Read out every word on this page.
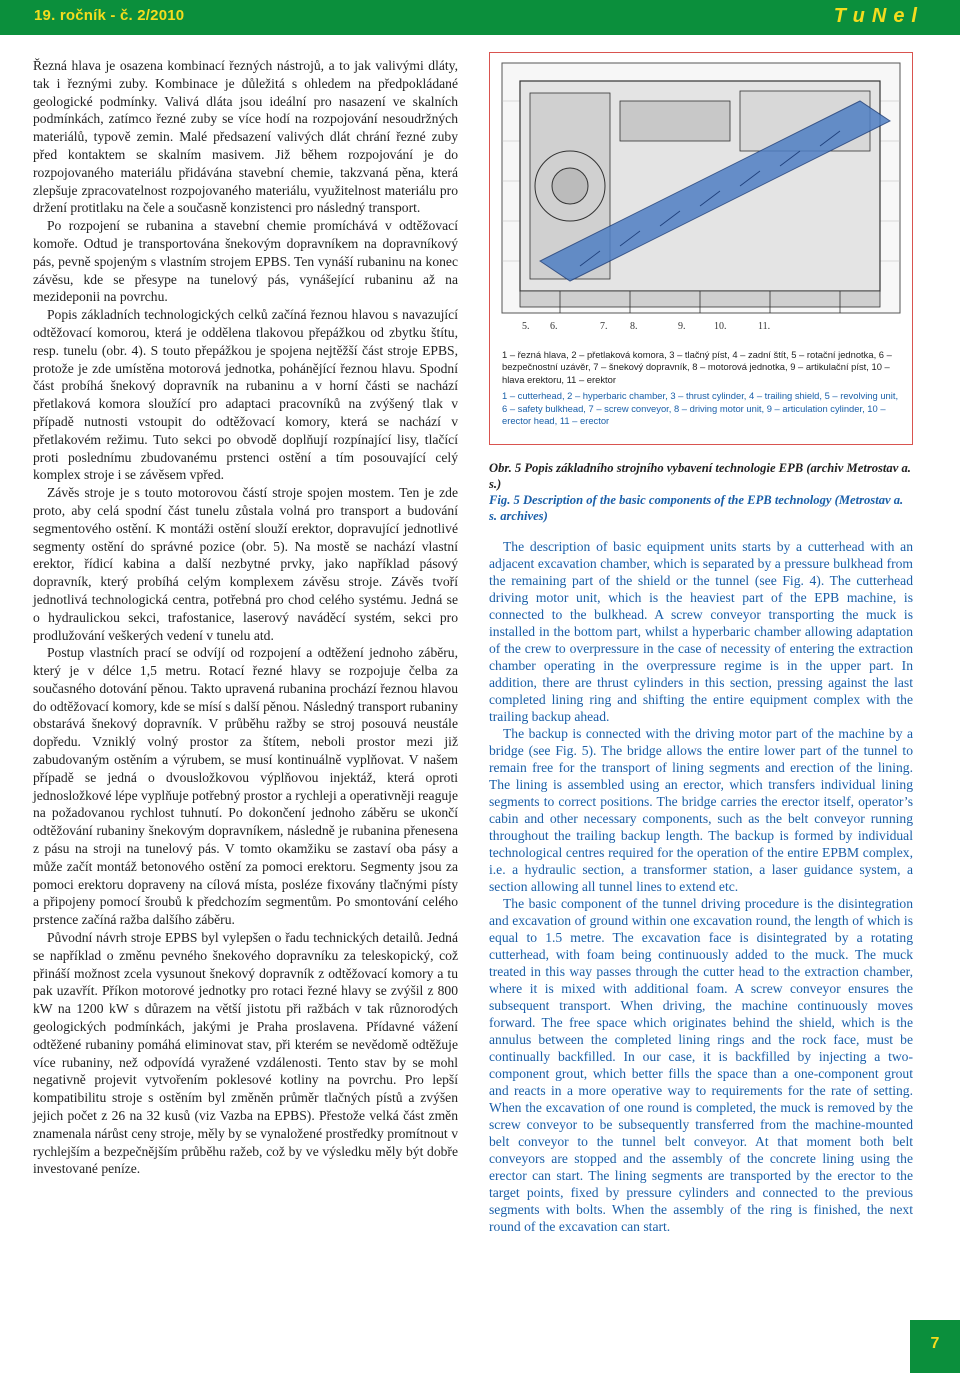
19. ročník - č. 2/2010	TuNel

Řezná hlava je osazena kombinací řezných nástrojů, a to jak valivými dláty, tak i řeznými zuby. Kombinace je důležitá s ohledem na předpokládané geologické podmínky. Valivá dláta jsou ideální pro nasazení ve skalních podmínkách, zatímco řezné zuby se více hodí na rozpojování nesoudržných materiálů, typově zemin. Malé předsazení valivých dlát chrání řezné zuby před kontaktem se skalním masivem. Již během rozpojování je do rozpojovaného materiálu přidávána stavební chemie, takzvaná pěna, která zlepšuje zpracovatelnost rozpojovaného materiálu, využitelnost materiálu pro držení protitlaku na čele a současně konzistenci pro následný transport.

Po rozpojení se rubanina a stavební chemie promíchává v odtěžovací komoře. Odtud je transportována šnekovým dopravníkem na dopravníkový pás, pevně spojeným s vlastním strojem EPBS. Ten vynáší rubaninu na konec závěsu, kde se přesype na tunelový pás, vynášející rubaninu až na mezideponii na povrchu.

Popis základních technologických celků začíná řeznou hlavou s navazující odtěžovací komorou, která je oddělena tlakovou přepážkou od zbytku štítu, resp. tunelu (obr. 4). S touto přepážkou je spojena nejtěžší část stroje EPBS, protože je zde umístěna motorová jednotka, pohánějící řeznou hlavu. Spodní část probíhá šnekový dopravník na rubaninu a v horní části se nachází přetlaková komora sloužící pro adaptaci pracovníků na zvýšený tlak v případě nutnosti vstoupit do odtěžovací komory, která se nachází v přetlakovém režimu. Tuto sekci po obvodě doplňují rozpínající lisy, tlačící proti poslednímu zbudovanému prstenci ostění a tím posouvající celý komplex stroje i se závěsem vpřed.

Závěs stroje je s touto motorovou částí stroje spojen mostem. Ten je zde proto, aby celá spodní část tunelu zůstala volná pro transport a budování segmentového ostění. K montáži ostění slouží erektor, dopravující jednotlivé segmenty ostění do správné pozice (obr. 5). Na mostě se nachází vlastní erektor, řídicí kabina a další nezbytné prvky, jako například pásový dopravník, který probíhá celým komplexem závěsu stroje. Závěs tvoří jednotlivá technologická centra, potřebná pro chod celého systému. Jedná se o hydraulickou sekci, trafostanice, laserový naváděcí systém, sekci pro prodlužování veškerých vedení v tunelu atd.

Postup vlastních prací se odvíjí od rozpojení a odtěžení jednoho záběru, který je v délce 1,5 metru. Rotací řezné hlavy se rozpojuje čelba za současného dotování pěnou. Takto upravená rubanina prochází řeznou hlavou do odtěžovací komory, kde se mísí s další pěnou. Následný transport rubaniny obstarává šnekový dopravník. V průběhu ražby se stroj posouvá neustále dopředu. Vzniklý volný prostor za štítem, neboli prostor mezi již zabudovaným ostěním a výrubem, se musí kontinuálně vyplňovat. V našem případě se jedná o dvousložkovou výplňovou injektáž, která oproti jednosložkové lépe vyplňuje potřebný prostor a rychleji a operativněji reaguje na požadovanou rychlost tuhnutí. Po dokončení jednoho záběru se ukončí odtěžování rubaniny šnekovým dopravníkem, následně je rubanina přenesena z pásu na stroji na tunelový pás. V tomto okamžiku se zastaví oba pásy a může začít montáž betonového ostění za pomoci erektoru. Segmenty jsou za pomoci erektoru dopraveny na cílová místa, posléze fixovány tlačnými písty a připojeny pomocí šroubů k předchozím segmentům. Po smontování celého prstence začíná ražba dalšího záběru.

Původní návrh stroje EPBS byl vylepšen o řadu technických detailů. Jedná se například o změnu pevného šnekového dopravníku za teleskopický, což přináší možnost zcela vysunout šnekový dopravník z odtěžovací komory a tu pak uzavřít. Příkon motorové jednotky pro rotaci řezné hlavy se zvýšil z 800 kW na 1200 kW s důrazem na větší jistotu při ražbách v tak různorodých geologických podmínkách, jakými je Praha proslavena. Přídavné vážení odtěžené rubaniny pomáhá eliminovat stav, při kterém se nevědomě odtěžuje více rubaniny, než odpovídá vyražené vzdálenosti. Tento stav by se mohl negativně projevit vytvořením poklesové kotliny na povrchu. Pro lepší kompatibilitu stroje s ostěním byl změněn průměr tlačných pístů a zvýšen jejich počet z 26 na 32 kusů (viz Vazba na EPBS). Přestože velká část změn znamenala nárůst ceny stroje, měly by se vynaložené prostředky promítnout v rychlejším a bezpečnějším průběhu ražeb, což by ve výsledku měly být dobře investované peníze.

5. 6.	7. 8.	9.	10.	11.
1 – řezná hlava, 2 – přetlaková komora, 3 – tlačný píst, 4 – zadní štít, 5 – rotační jednotka, 6 – bezpečnostní uzávěr, 7 – šnekový dopravník, 8 – motorová jednotka, 9 – artikulační píst, 10 – hlava erektoru, 11 – erektor
1 – cutterhead, 2 – hyperbaric chamber, 3 – thrust cylinder, 4 – trailing shield, 5 – revolving unit, 6 – safety bulkhead, 7 – screw conveyor, 8 – driving motor unit, 9 – articulation cylinder, 10 – erector head, 11 – erector
Obr. 5 Popis základního strojního vybavení technologie EPB (archiv Metrostav a. s.)
Fig. 5 Description of the basic components of the EPB technology (Metrostav a. s. archives)

The description of basic equipment units starts by a cutterhead with an adjacent excavation chamber, which is separated by a pressure bulkhead from the remaining part of the shield or the tunnel (see Fig. 4). The cutterhead driving motor unit, which is the heaviest part of the EPB machine, is connected to the bulkhead. A screw conveyor transporting the muck is installed in the bottom part, whilst a hyperbaric chamber allowing adaptation of the crew to overpressure in the case of necessity of entering the extraction chamber operating in the overpressure regime is in the upper part. In addition, there are thrust cylinders in this section, pressing against the last completed lining ring and shifting the entire equipment complex with the trailing backup ahead.

The backup is connected with the driving motor part of the machine by a bridge (see Fig. 5). The bridge allows the entire lower part of the tunnel to remain free for the transport of lining segments and erection of the lining. The lining is assembled using an erector, which transfers individual lining segments to correct positions. The bridge carries the erector itself, operator’s cabin and other necessary components, such as the belt conveyor running throughout the trailing backup length. The backup is formed by individual technological centres required for the operation of the entire EPBM complex, i.e. a hydraulic section, a transformer station, a laser guidance system, a section allowing all tunnel lines to extend etc.

The basic component of the tunnel driving procedure is the disintegration and excavation of ground within one excavation round, the length of which is equal to 1.5 metre. The excavation face is disintegrated by a rotating cutterhead, with foam being continuously added to the muck. The muck treated in this way passes through the cutter head to the extraction chamber, where it is mixed with additional foam. A screw conveyor ensures the subsequent transport. When driving, the machine continuously moves forward. The free space which originates behind the shield, which is the annulus between the completed lining rings and the rock face, must be continually backfilled. In our case, it is backfilled by injecting a two-component grout, which better fills the space than a one-component grout and reacts in a more operative way to requirements for the rate of setting. When the excavation of one round is completed, the muck is removed by the screw conveyor to be subsequently transferred from the machine-mounted belt conveyor to the tunnel belt conveyor. At that moment both belt conveyors are stopped and the assembly of the concrete lining using the erector can start. The lining segments are transported by the erector to the target points, fixed by pressure cylinders and connected to the previous segments with bolts. When the assembly of the ring is finished, the next round of the excavation can start.

7
